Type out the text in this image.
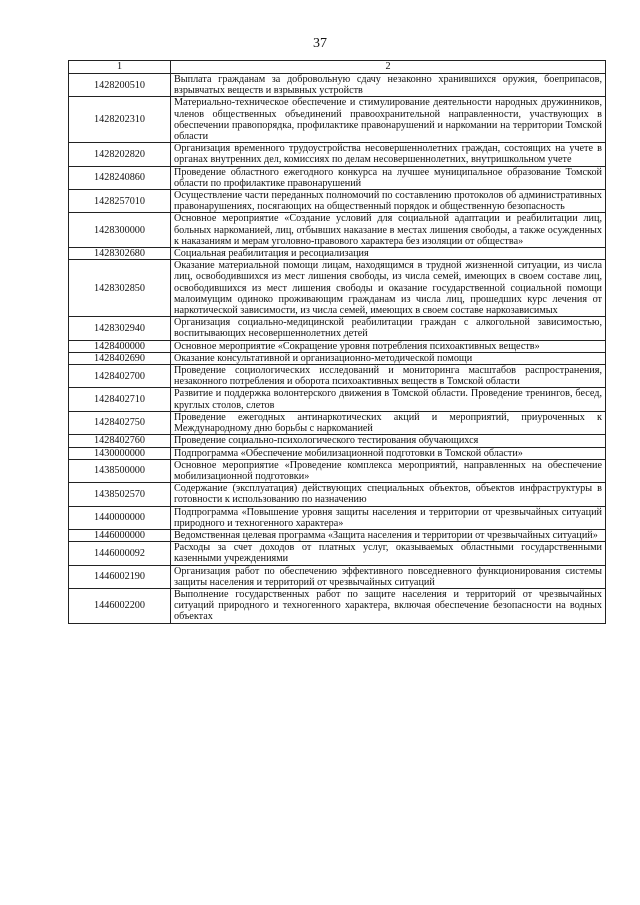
37
1	2
1428200510	Выплата гражданам за добровольную сдачу незаконно хранившихся оружия, боеприпасов, взрывчатых веществ и взрывных устройств
1428202310	Материально-техническое обеспечение и стимулирование деятельности народных дружинников, членов общественных объединений правоохранительной направленности, участвующих в обеспечении правопорядка, профилактике правонарушений и наркомании на территории Томской области
1428202820	Организация временного трудоустройства несовершеннолетних граждан, состоящих на учете в органах внутренних дел, комиссиях по делам несовершеннолетних, внутришкольном учете
1428240860	Проведение областного ежегодного конкурса на лучшее муниципальное образование Томской области по профилактике правонарушений
1428257010	Осуществление части переданных полномочий по составлению протоколов об административных правонарушениях, посягающих на общественный порядок и общественную безопасность
1428300000	Основное мероприятие «Создание условий для социальной адаптации и реабилитации лиц, больных наркоманией, лиц, отбывших наказание в местах лишения свободы, а также осужденных к наказаниям и мерам уголовно-правового характера без изоляции от общества»
1428302680	Социальная реабилитация и ресоциализация
1428302850	Оказание материальной помощи лицам, находящимся в трудной жизненной ситуации, из числа лиц, освободившихся из мест лишения свободы, из числа семей, имеющих в своем составе лиц, освободившихся из мест лишения свободы и оказание государственной социальной помощи малоимущим одиноко проживающим гражданам из числа лиц, прошедших курс лечения от наркотической зависимости, из числа семей, имеющих в своем составе наркозависимых
1428302940	Организация социально-медицинской реабилитации граждан с алкогольной зависимостью, воспитывающих несовершеннолетних детей
1428400000	Основное мероприятие «Сокращение уровня потребления психоактивных веществ»
1428402690	Оказание консультативной и организационно-методической помощи
1428402700	Проведение социологических исследований и мониторинга масштабов распространения, незаконного потребления и оборота психоактивных веществ в Томской области
1428402710	Развитие и поддержка волонтерского движения в Томской области. Проведение тренингов, бесед, круглых столов, слетов
1428402750	Проведение ежегодных антинаркотических акций и мероприятий, приуроченных к Международному дню борьбы с наркоманией
1428402760	Проведение социально-психологического тестирования обучающихся
1430000000	Подпрограмма «Обеспечение мобилизационной подготовки в Томской области»
1438500000	Основное мероприятие «Проведение комплекса мероприятий, направленных на обеспечение мобилизационной подготовки»
1438502570	Содержание (эксплуатация) действующих специальных объектов, объектов инфраструктуры в готовности к использованию по назначению
1440000000	Подпрограмма «Повышение уровня защиты населения и территории от чрезвычайных ситуаций природного и техногенного характера»
1446000000	Ведомственная целевая программа «Защита населения и территории от чрезвычайных ситуаций»
1446000092	Расходы за счет доходов от платных услуг, оказываемых областными государственными казенными учреждениями
1446002190	Организация работ по обеспечению эффективного повседневного функционирования системы защиты населения и территорий от чрезвычайных ситуаций
1446002200	Выполнение государственных работ по защите населения и территорий от чрезвычайных ситуаций природного и техногенного характера, включая обеспечение безопасности на водных объектах
